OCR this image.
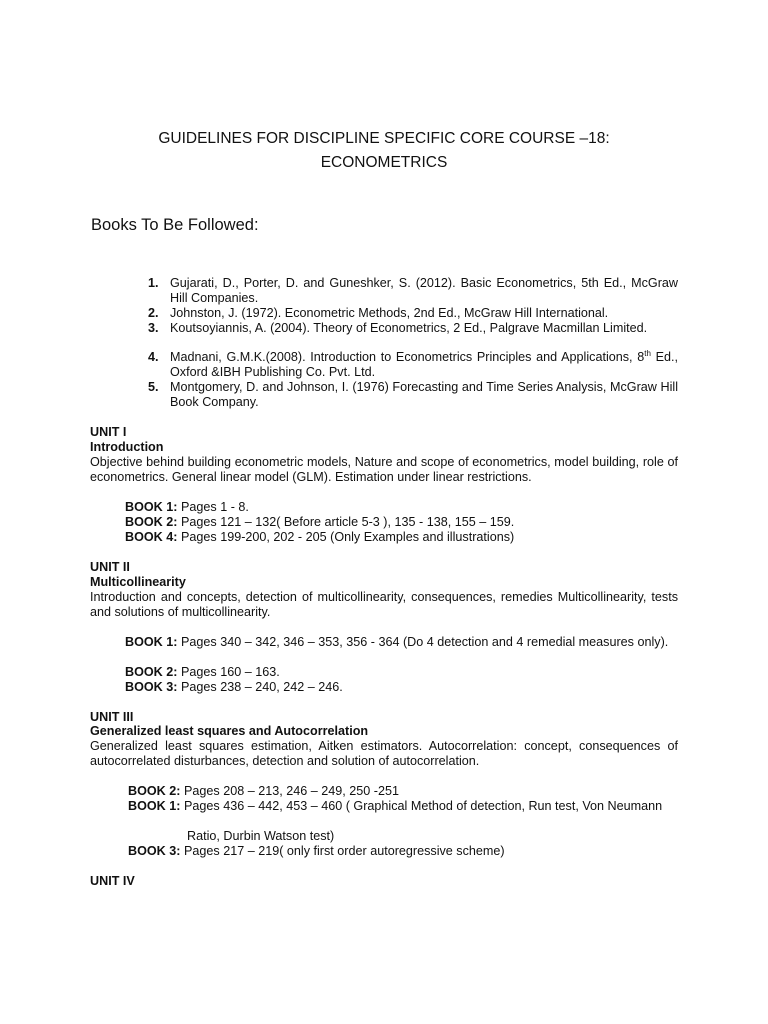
GUIDELINES FOR DISCIPLINE SPECIFIC CORE COURSE –18:
ECONOMETRICS
Books To Be Followed:
1. Gujarati, D., Porter, D. and Guneshker, S. (2012). Basic Econometrics, 5th Ed., McGraw Hill Companies.
2. Johnston, J. (1972). Econometric Methods, 2nd Ed., McGraw Hill International.
3. Koutsoyiannis, A. (2004). Theory of Econometrics, 2 Ed., Palgrave Macmillan Limited.
4. Madnani, G.M.K.(2008). Introduction to Econometrics Principles and Applications, 8th Ed., Oxford &IBH Publishing Co. Pvt. Ltd.
5. Montgomery, D. and Johnson, I. (1976) Forecasting and Time Series Analysis, McGraw Hill Book Company.
UNIT I
Introduction
Objective behind building econometric models, Nature and scope of econometrics, model building, role of econometrics. General linear model (GLM). Estimation under linear restrictions.
BOOK 1: Pages 1 - 8.
BOOK 2: Pages 121 – 132( Before article 5-3 ), 135 - 138, 155 – 159.
BOOK 4: Pages 199-200, 202 - 205 (Only Examples and illustrations)
UNIT II
Multicollinearity
Introduction and concepts, detection of multicollinearity, consequences, remedies Multicollinearity, tests and solutions of multicollinearity.
BOOK 1: Pages 340 – 342, 346 – 353, 356 - 364 (Do 4 detection and 4 remedial measures only).
BOOK 2: Pages 160 – 163.
BOOK 3: Pages 238 – 240, 242 – 246.
UNIT III
Generalized least squares and Autocorrelation
Generalized least squares estimation, Aitken estimators. Autocorrelation: concept, consequences of autocorrelated disturbances, detection and solution of autocorrelation.
BOOK 2: Pages 208 – 213, 246 – 249, 250 -251
BOOK 1: Pages 436 – 442, 453 – 460 ( Graphical Method of detection, Run test, Von Neumann
Ratio, Durbin Watson test)
BOOK 3: Pages 217 – 219( only first order autoregressive scheme)
UNIT IV
